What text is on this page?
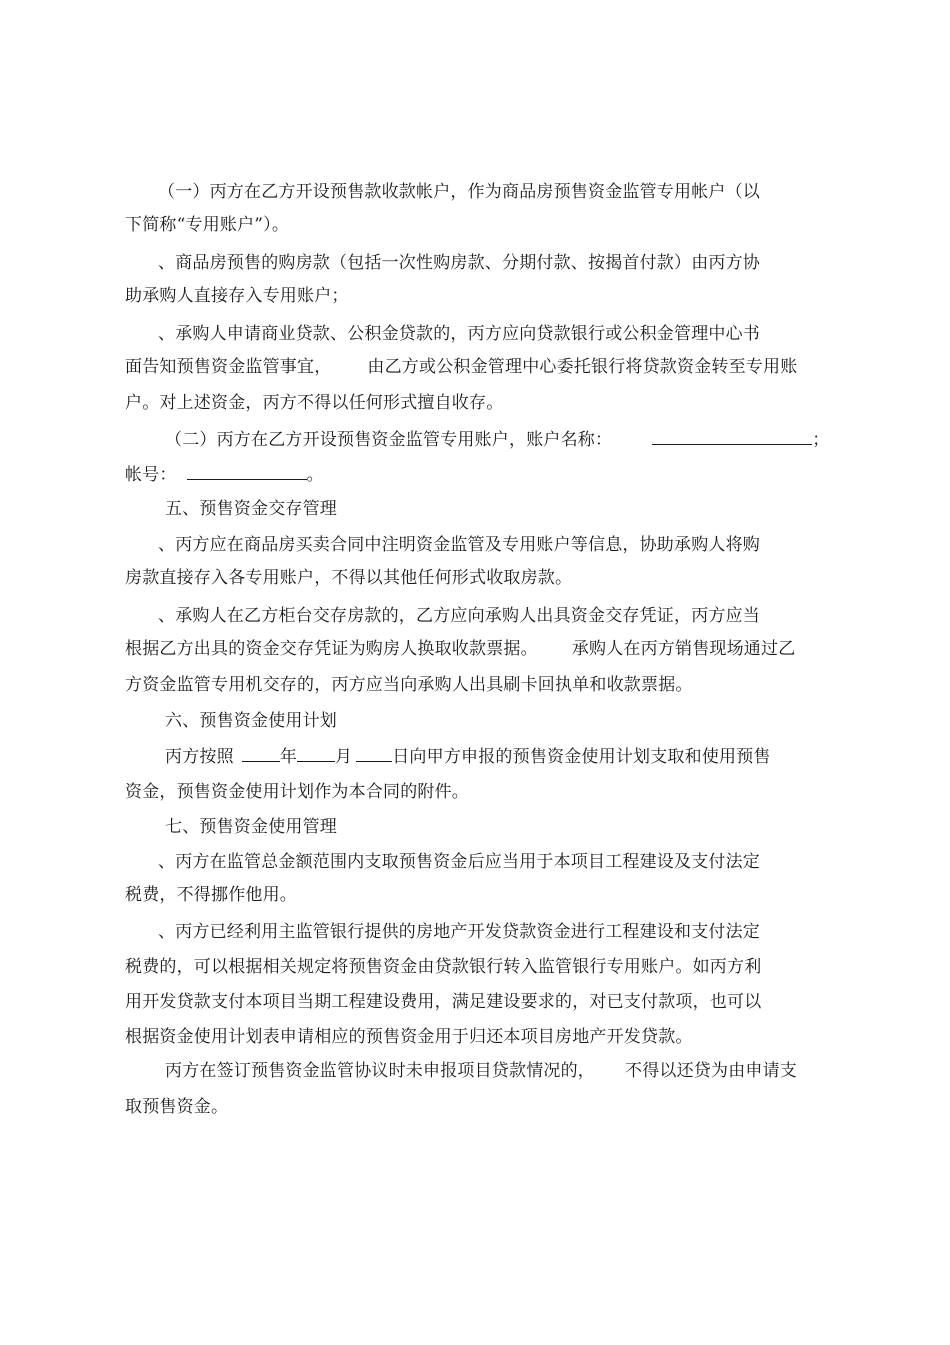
（一）丙方在乙方开设预售款收款帐户，作为商品房预售资金监管专用帐户（以
下简称“专用账户”）。
、商品房预售的购房款（包括一次性购房款、分期付款、按揭首付款）由丙方协
助承购人直接存入专用账户；
、承购人申请商业贷款、公积金贷款的，丙方应向贷款银行或公积金管理中心书
面告知预售资金监管事宜， 由乙方或公积金管理中心委托银行将贷款资金转至专用账
户。对上述资金，丙方不得以任何形式擅自收存。
（二）丙方在乙方开设预售资金监管专用账户，账户名称：	；
帐号：	。
五、预售资金交存管理
、丙方应在商品房买卖合同中注明资金监管及专用账户等信息，协助承购人将购
房款直接存入各专用账户，不得以其他任何形式收取房款。
、承购人在乙方柜台交存房款的，乙方应向承购人出具资金交存凭证，丙方应当
根据乙方出具的资金交存凭证为购房人换取收款票据。 承购人在丙方销售现场通过乙
方资金监管专用机交存的，丙方应当向承购人出具刷卡回执单和收款票据。
六、预售资金使用计划
丙方按照	年 月 日向甲方申报的预售资金使用计划支取和使用预售
资金，预售资金使用计划作为本合同的附件。
七、预售资金使用管理
、丙方在监管总金额范围内支取预售资金后应当用于本项目工程建设及支付法定
税费，不得挪作他用。
、丙方已经利用主监管银行提供的房地产开发贷款资金进行工程建设和支付法定
税费的，可以根据相关规定将预售资金由贷款银行转入监管银行专用账户。如丙方利
用开发贷款支付本项目当期工程建设费用，满足建设要求的，对已支付款项，也可以
根据资金使用计划表申请相应的预售资金用于归还本项目房地产开发贷款。
丙方在签订预售资金监管协议时未申报项目贷款情况的， 不得以还贷为由申请支
取预售资金。
